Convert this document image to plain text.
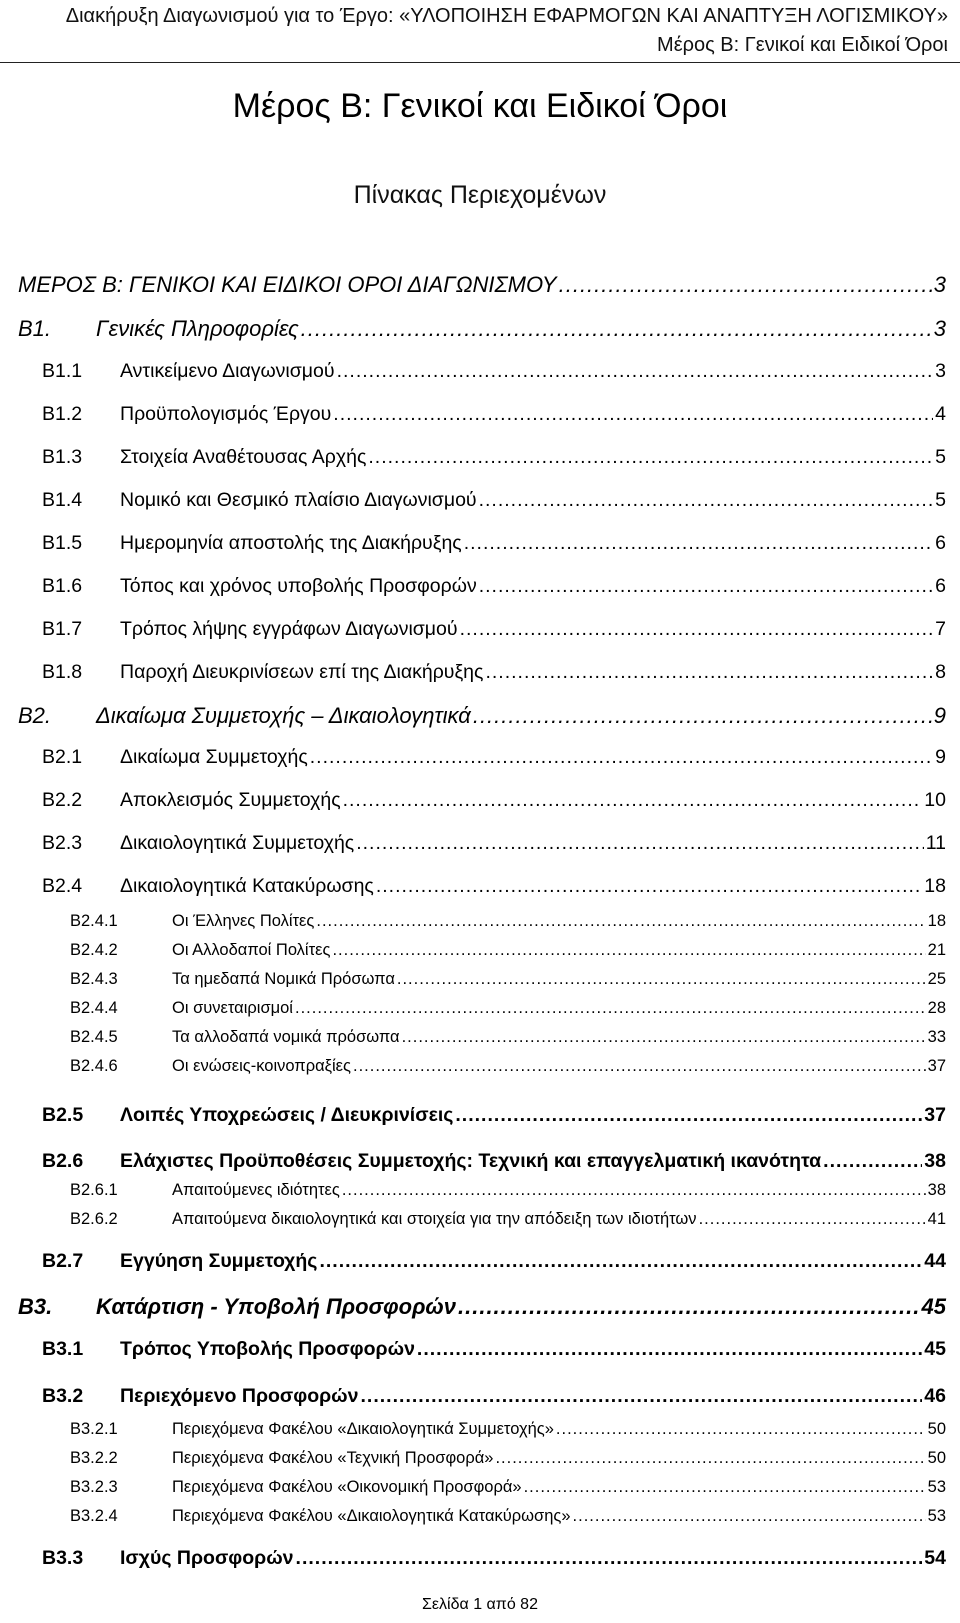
Διακήρυξη Διαγωνισμού για το Έργο: «ΥΛΟΠΟΙΗΣΗ ΕΦΑΡΜΟΓΩΝ ΚΑΙ ΑΝΑΠΤΥΞΗ ΛΟΓΙΣΜΙΚΟΥ»
Μέρος Β: Γενικοί και Ειδικοί Όροι
Μέρος Β: Γενικοί και Ειδικοί Όροι
Πίνακας Περιεχομένων
ΜΕΡΟΣ Β: ΓΕΝΙΚΟΙ ΚΑΙ ΕΙΔΙΚΟΙ ΟΡΟΙ ΔΙΑΓΩΝΙΣΜΟΥ .....	3
Β1.	Γενικές Πληροφορίες .....	3
Β1.1	Αντικείμενο Διαγωνισμού .....	3
Β1.2	Προϋπολογισμός Έργου .....	4
Β1.3	Στοιχεία Αναθέτουσας Αρχής .....	5
Β1.4	Νομικό και Θεσμικό πλαίσιο Διαγωνισμού .....	5
Β1.5	Ημερομηνία αποστολής της Διακήρυξης .....	6
Β1.6	Τόπος και χρόνος υποβολής Προσφορών .....	6
Β1.7	Τρόπος λήψης εγγράφων Διαγωνισμού .....	7
Β1.8	Παροχή Διευκρινίσεων επί της Διακήρυξης .....	8
Β2.	Δικαίωμα Συμμετοχής – Δικαιολογητικά .....	9
Β2.1	Δικαίωμα Συμμετοχής .....	9
Β2.2	Αποκλεισμός Συμμετοχής .....	10
Β2.3	Δικαιολογητικά Συμμετοχής .....	11
Β2.4	Δικαιολογητικά Κατακύρωσης .....	18
Β2.4.1	Οι Έλληνες Πολίτες .....	18
Β2.4.2	Οι Αλλοδαποί Πολίτες .....	21
Β2.4.3	Τα ημεδαπά Νομικά Πρόσωπα .....	25
Β2.4.4	Οι συνεταιρισμοί .....	28
Β2.4.5	Τα αλλοδαπά νομικά πρόσωπα .....	33
Β2.4.6	Οι ενώσεις-κοινοπραξίες .....	37
Β2.5	Λοιπές Υποχρεώσεις / Διευκρινίσεις .....	37
Β2.6	Ελάχιστες Προϋποθέσεις Συμμετοχής: Τεχνική και επαγγελματική ικανότητα .....	38
Β2.6.1	Απαιτούμενες ιδιότητες .....	38
Β2.6.2	Απαιτούμενα δικαιολογητικά και στοιχεία για την απόδειξη των ιδιοτήτων .....	41
Β2.7	Εγγύηση Συμμετοχής .....	44
Β3.	Κατάρτιση - Υποβολή Προσφορών .....	45
Β3.1	Τρόπος Υποβολής Προσφορών .....	45
Β3.2	Περιεχόμενο Προσφορών .....	46
Β3.2.1	Περιεχόμενα Φακέλου «Δικαιολογητικά Συμμετοχής» .....	50
Β3.2.2	Περιεχόμενα Φακέλου «Τεχνική Προσφορά» .....	50
Β3.2.3	Περιεχόμενα Φακέλου «Οικονομική Προσφορά» .....	53
Β3.2.4	Περιεχόμενα Φακέλου «Δικαιολογητικά Κατακύρωσης» .....	53
Β3.3	Ισχύς Προσφορών .....	54
Σελίδα 1 από 82
